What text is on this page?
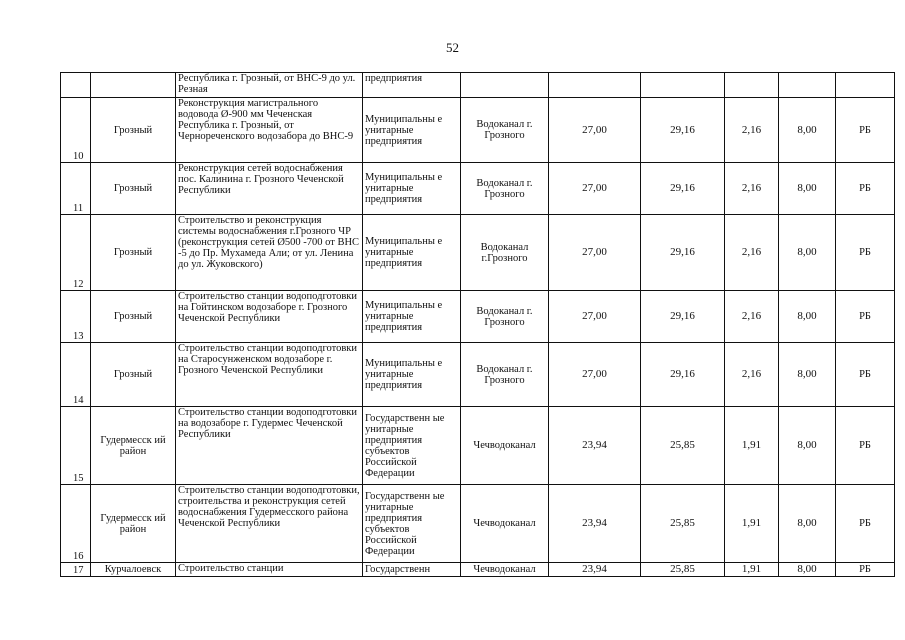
52
		Республика г. Грозный, от ВНС-9 до ул. Резная	предприятия						
10	Грозный	Реконструкция магистрального водовода Ø-900 мм Чеченская Республика г. Грозный, от Чернореченского водозабора до ВНС-9	Муниципальны е унитарные предприятия	Водоканал г. Грозного	27,00	29,16	2,16	8,00	РБ
11	Грозный	Реконструкция сетей водоснабжения пос. Калинина г. Грозного Чеченской Республики	Муниципальны е унитарные предприятия	Водоканал г. Грозного	27,00	29,16	2,16	8,00	РБ
12	Грозный	Строительство и реконструкция системы водоснабжения г.Грозного ЧР (реконструкция сетей Ø500 -700 от ВНС -5 до Пр. Мухамеда Али; от ул. Ленина до ул. Жуковского)	Муниципальны е унитарные предприятия	Водоканал г.Грозного	27,00	29,16	2,16	8,00	РБ
13	Грозный	Строительство станции водоподготовки на Гойтинском водозаборе г. Грозного Чеченской Республики	Муниципальны е унитарные предприятия	Водоканал г. Грозного	27,00	29,16	2,16	8,00	РБ
14	Грозный	Строительство станции водоподготовки на Старосунженском водозаборе г. Грозного Чеченской Республики	Муниципальны е унитарные предприятия	Водоканал г. Грозного	27,00	29,16	2,16	8,00	РБ
15	Гудермесск ий район	Строительство станции водоподготовки на водозаборе г. Гудермес Чеченской Республики	Государственн ые унитарные предприятия субъектов Российской Федерации	Чечводоканал	23,94	25,85	1,91	8,00	РБ
16	Гудермесск ий район	Строительство станции водоподготовки, строительства и реконструкция сетей водоснабжения Гудермесского района Чеченской Республики	Государственн ые унитарные предприятия субъектов Российской Федерации	Чечводоканал	23,94	25,85	1,91	8,00	РБ
17	Курчалоевск	Строительство станции	Государственн	Чечводоканал	23,94	25,85	1,91	8,00	РБ
